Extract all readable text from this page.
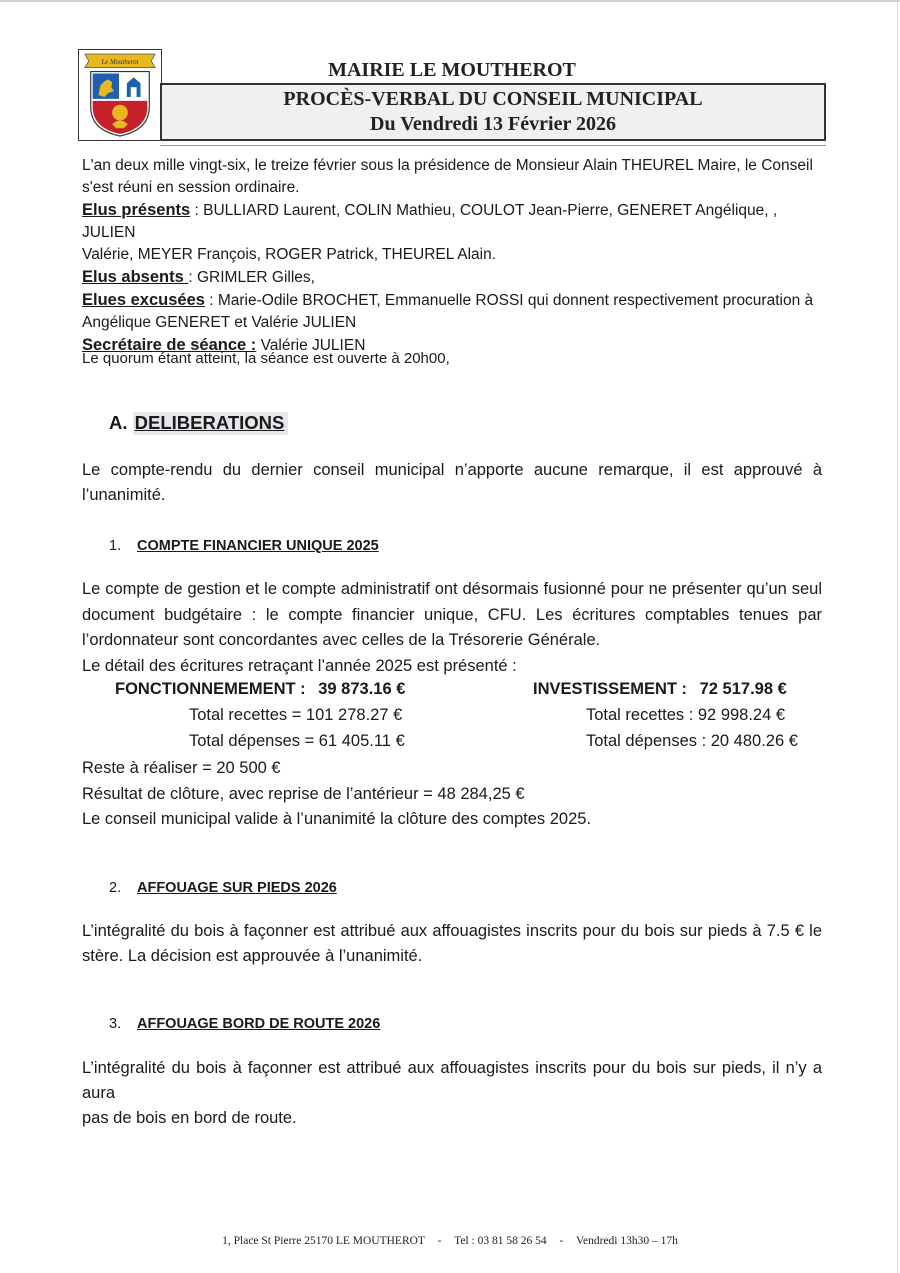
Le Moutherot	MAIRIE LE MOUTHEROT
PROCÈS-VERBAL DU CONSEIL MUNICIPAL
Du Vendredi 13 Février 2026

L'an deux mille vingt-six, le treize février sous la présidence de Monsieur Alain THEUREL Maire, le Conseil s'est réuni en session ordinaire.

Elus présents : BULLIARD Laurent, COLIN Mathieu, COULOT Jean-Pierre, GENERET Angélique, , JULIEN

Valérie, MEYER François, ROGER Patrick, THEUREL Alain.

Elus absents : GRIMLER Gilles,

Elues excusées : Marie-Odile BROCHET, Emmanuelle ROSSI qui donnent respectivement procuration à

Angélique GENERET et Valérie JULIEN

Secrétaire de séance : Valérie JULIEN

Le quorum étant atteint, la séance est ouverte à 20h00,
A. DELIBERATIONS
Le compte-rendu du dernier conseil municipal n’apporte aucune remarque, il est approuvé à
l’unanimité.
1. COMPTE FINANCIER UNIQUE 2025
Le compte de gestion et le compte administratif ont désormais fusionné pour ne présenter qu’un seul
document budgétaire : le compte financier unique, CFU. Les écritures comptables tenues par
l’ordonnateur sont concordantes avec celles de la Trésorerie Générale.
Le détail des écritures retraçant l’année 2025 est présenté :
FONCTIONNEMEMENT : 39 873.16 €	INVESTISSEMENT : 72 517.98 €
Total recettes = 101 278.27 €	Total recettes : 92 998.24 €
Total dépenses = 61 405.11 €	Total dépenses : 20 480.26 €
Reste à réaliser = 20 500 €
Résultat de clôture, avec reprise de l’antérieur = 48 284,25 €
Le conseil municipal valide à l’unanimité la clôture des comptes 2025.
2. AFFOUAGE SUR PIEDS 2026
L’intégralité du bois à façonner est attribué aux affouagistes inscrits pour du bois sur pieds à 7.5 € le
stère. La décision est approuvée à l’unanimité.
3. AFFOUAGE BORD DE ROUTE 2026
L’intégralité du bois à façonner est attribué aux affouagistes inscrits pour du bois sur pieds, il n’y a aura
pas de bois en bord de route.
1, Place St Pierre 25170 LE MOUTHEROT - Tel : 03 81 58 26 54 - Vendredi 13h30 – 17h
